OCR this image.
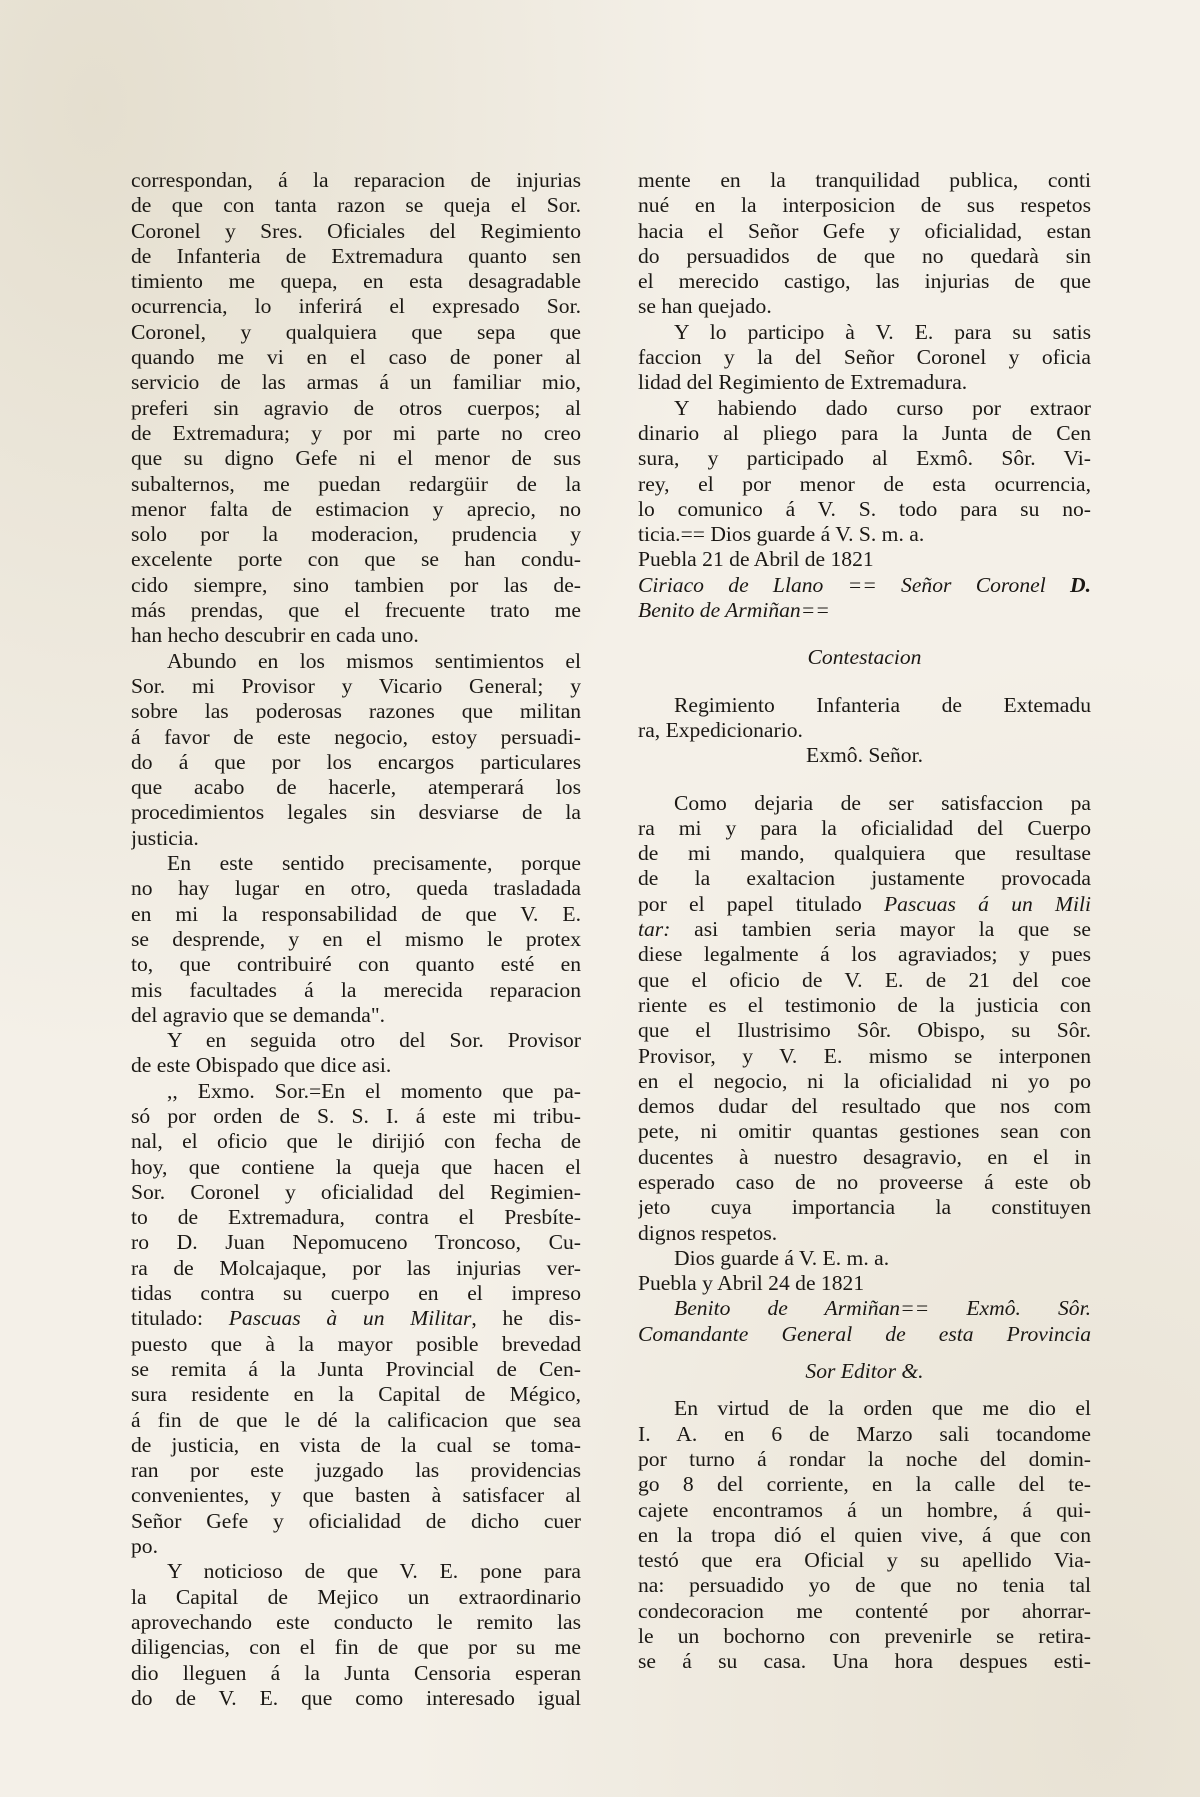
correspondan, á la reparacion de injurias
de que con tanta razon se queja el Sor.
Coronel y Sres. Oficiales del Regimiento
de Infanteria de Extremadura quanto sen
timiento me quepa, en esta desagradable
ocurrencia, lo inferirá el expresado Sor.
Coronel, y qualquiera que sepa que
quando me vi en el caso de poner al
servicio de las armas á un familiar mio,
preferi sin agravio de otros cuerpos; al
de Extremadura; y por mi parte no creo
que su digno Gefe ni el menor de sus
subalternos, me puedan redargüir de la
menor falta de estimacion y aprecio, no
solo por la moderacion, prudencia y
excelente porte con que se han condu-
cido siempre, sino tambien por las de-
más prendas, que el frecuente trato me
han hecho descubrir en cada uno.
Abundo en los mismos sentimientos el
Sor. mi Provisor y Vicario General; y
sobre las poderosas razones que militan
á favor de este negocio, estoy persuadi-
do á que por los encargos particulares
que acabo de hacerle, atemperará los
procedimientos legales sin desviarse de la
justicia.
En este sentido precisamente, porque
no hay lugar en otro, queda trasladada
en mi la responsabilidad de que V. E.
se desprende, y en el mismo le protex
to, que contribuiré con quanto esté en
mis facultades á la merecida reparacion
del agravio que se demanda".
Y en seguida otro del Sor. Provisor
de este Obispado que dice asi.
,, Exmo. Sor.=En el momento que pa-
só por orden de S. S. I. á este mi tribu-
nal, el oficio que le dirijió con fecha de
hoy, que contiene la queja que hacen el
Sor. Coronel y oficialidad del Regimien-
to de Extremadura, contra el Presbíte-
ro D. Juan Nepomuceno Troncoso, Cu-
ra de Molcajaque, por las injurias ver-
tidas contra su cuerpo en el impreso
titulado: Pascuas à un Militar, he dis-
puesto que à la mayor posible brevedad
se remita á la Junta Provincial de Cen-
sura residente en la Capital de Mégico,
á fin de que le dé la calificacion que sea
de justicia, en vista de la cual se toma-
ran por este juzgado las providencias
convenientes, y que basten à satisfacer al
Señor Gefe y oficialidad de dicho cuer
po.
Y noticioso de que V. E. pone para
la Capital de Mejico un extraordinario
aprovechando este conducto le remito las
diligencias, con el fin de que por su me
dio lleguen á la Junta Censoria esperan
do de V. E. que como interesado igual
mente en la tranquilidad publica, conti
nué en la interposicion de sus respetos
hacia el Señor Gefe y oficialidad, estan
do persuadidos de que no quedarà sin
el merecido castigo, las injurias de que
se han quejado.
Y lo participo à V. E. para su satis
faccion y la del Señor Coronel y oficia
lidad del Regimiento de Extremadura.
Y habiendo dado curso por extraor
dinario al pliego para la Junta de Cen
sura, y participado al Exmô. Sôr. Vi-
rey, el por menor de esta ocurrencia,
lo comunico á V. S. todo para su no-
ticia.== Dios guarde á V. S. m. a.
Puebla 21 de Abril de 1821
Ciriaco de Llano == Señor Coronel D.
Benito de Armiñan==
Contestacion
Regimiento Infanteria de Extemadu
ra, Expedicionario.
Exmô. Señor.
Como dejaria de ser satisfaccion pa
ra mi y para la oficialidad del Cuerpo
de mi mando, qualquiera que resultase
de la exaltacion justamente provocada
por el papel titulado Pascuas á un Mili
tar: asi tambien seria mayor la que se
diese legalmente á los agraviados; y pues
que el oficio de V. E. de 21 del coe
riente es el testimonio de la justicia con
que el Ilustrisimo Sôr. Obispo, su Sôr.
Provisor, y V. E. mismo se interponen
en el negocio, ni la oficialidad ni yo po
demos dudar del resultado que nos com
pete, ni omitir quantas gestiones sean con
ducentes à nuestro desagravio, en el in
esperado caso de no proveerse á este ob
jeto cuya importancia la constituyen
dignos respetos.
Dios guarde á V. E. m. a.
Puebla y Abril 24 de 1821
Benito de Armiñan== Exmô. Sôr.
Comandante General de esta Provincia
Sor Editor &.
En virtud de la orden que me dio el
I. A. en 6 de Marzo sali tocandome
por turno á rondar la noche del domin-
go 8 del corriente, en la calle del te-
cajete encontramos á un hombre, á qui-
en la tropa dió el quien vive, á que con
testó que era Oficial y su apellido Via-
na: persuadido yo de que no tenia tal
condecoracion me contenté por ahorrar-
le un bochorno con prevenirle se retira-
se á su casa. Una hora despues esti-
